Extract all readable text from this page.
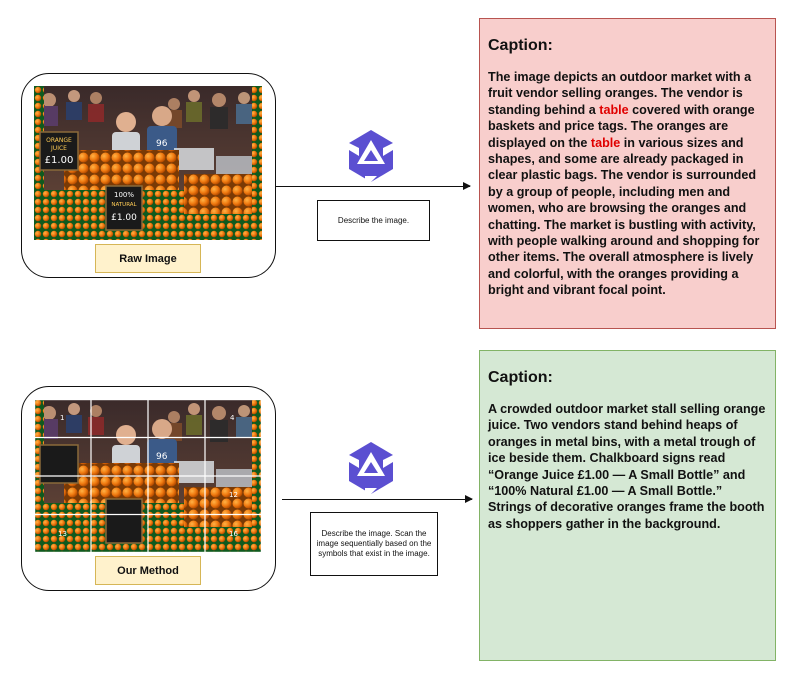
ORANGE
JUICE
£1.00
100%
NATURAL
£1.00
Raw Image
Describe the image.
Caption:
The image depicts an outdoor market with a fruit vendor selling oranges. The vendor is standing behind a table covered with orange baskets and price tags. The oranges are displayed on the table in various sizes and shapes, and some are already packaged in clear plastic bags. The vendor is surrounded by a group of people, including men and women, who are browsing the oranges and chatting. The market is bustling with activity, with people walking around and shopping for other items. The overall atmosphere is lively and colorful, with the oranges providing a bright and vibrant focal point.
1	4
12
13	16
Our Method
Describe the image. Scan the image sequentially based on the symbols that exist in the image.
Caption:
A crowded outdoor market stall selling orange juice. Two vendors stand behind heaps of oranges in metal bins, with a metal trough of ice beside them. Chalkboard signs read “Orange Juice £1.00 — A Small Bottle” and “100% Natural £1.00 — A Small Bottle.” Strings of decorative oranges frame the booth as shoppers gather in the background.
